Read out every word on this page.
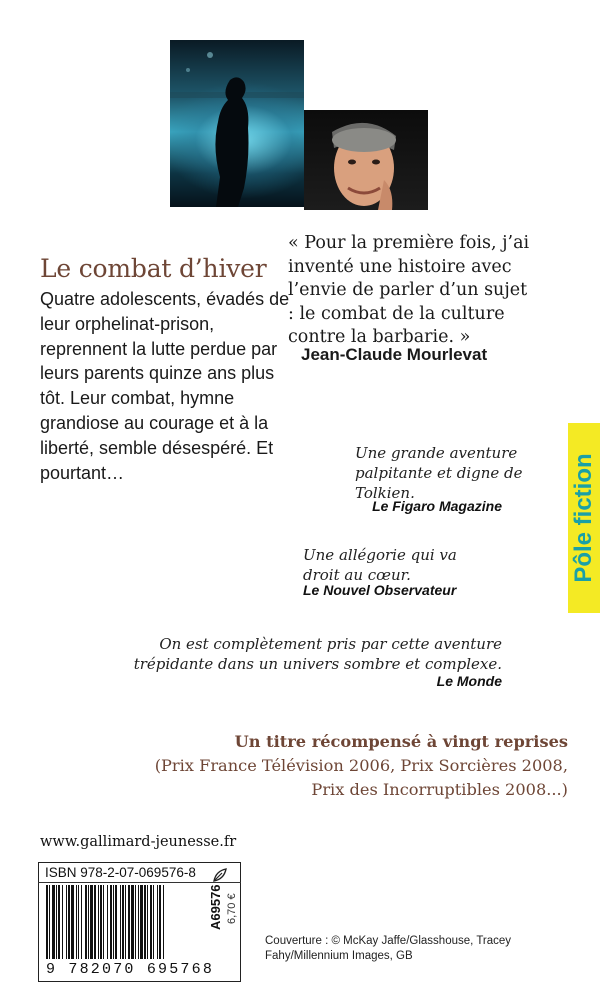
« Pour la première fois, j’ai inventé une histoire avec l’envie de parler d’un sujet : le combat de la culture contre la barbarie. »
Jean-Claude Mourlevat
Le combat d’hiver
Quatre adolescents, évadés de leur orphelinat-prison, reprennent la lutte perdue par leurs parents quinze ans plus tôt. Leur combat, hymne grandiose au courage et à la liberté, semble désespéré. Et pourtant…
Une grande aventure palpitante et digne de Tolkien.
Le Figaro Magazine
Une allégorie qui va droit au cœur.
Le Nouvel Observateur
On est complètement pris par cette aventure trépidante dans un univers sombre et complexe.
Le Monde
Pôle fiction
Un titre récompensé à vingt reprises
(Prix France Télévision 2006, Prix Sorcières 2008, Prix des Incorruptibles 2008...)
www.gallimard-jeunesse.fr
ISBN 978-2-07-069576-8
9 782070 695768
A69576 6,70 €
Couverture : © McKay Jaffe/Glasshouse, Tracey Fahy/Millennium Images, GB
